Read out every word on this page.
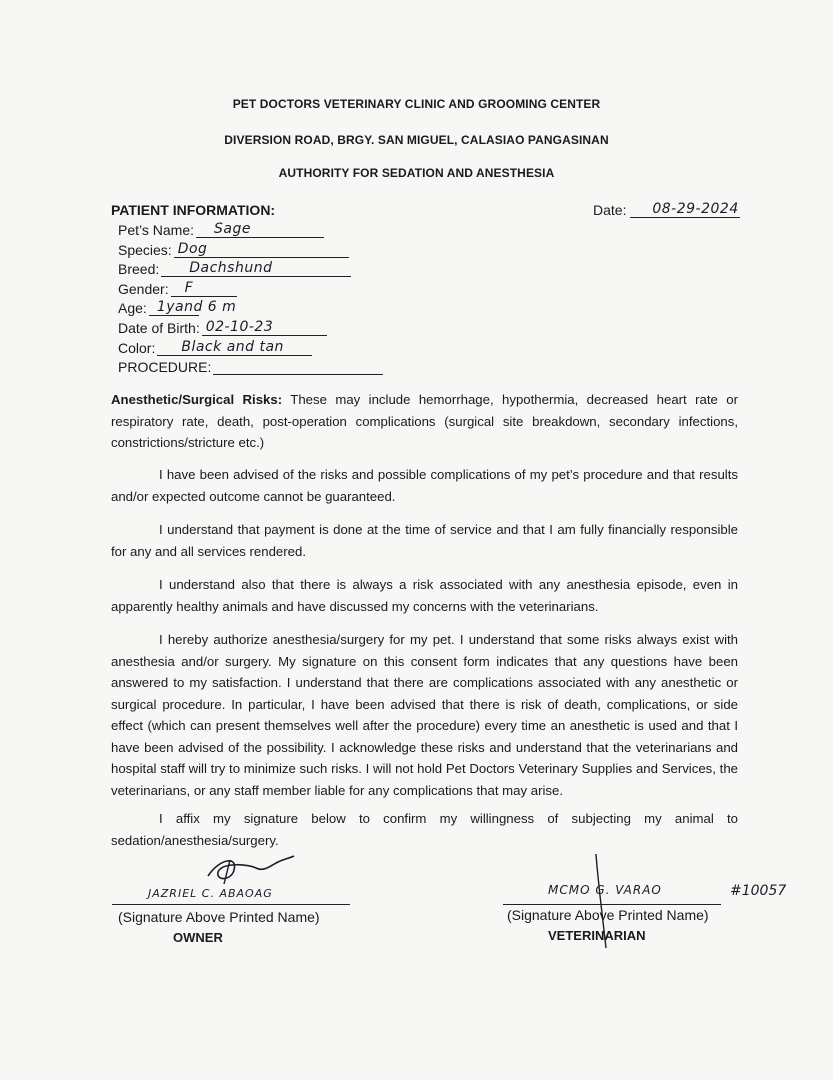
PET DOCTORS VETERINARY CLINIC AND GROOMING CENTER
DIVERSION ROAD, BRGY. SAN MIGUEL, CALASIAO PANGASINAN
AUTHORITY FOR SEDATION AND ANESTHESIA
PATIENT INFORMATION:	Date: 08-29-2024
Pet’s Name: Sage
Species: Dog
Breed: Dachshund
Gender: F
Age: 1yand 6 m
Date of Birth: 02-10-23
Color: Black and tan
PROCEDURE:
Anesthetic/Surgical Risks: These may include hemorrhage, hypothermia, decreased heart rate or respiratory rate, death, post-operation complications (surgical site breakdown, secondary infections, constrictions/stricture etc.)
I have been advised of the risks and possible complications of my pet’s procedure and that results and/or expected outcome cannot be guaranteed.
I understand that payment is done at the time of service and that I am fully financially responsible for any and all services rendered.
I understand also that there is always a risk associated with any anesthesia episode, even in apparently healthy animals and have discussed my concerns with the veterinarians.
I hereby authorize anesthesia/surgery for my pet. I understand that some risks always exist with anesthesia and/or surgery. My signature on this consent form indicates that any questions have been answered to my satisfaction. I understand that there are complications associated with any anesthetic or surgical procedure. In particular, I have been advised that there is risk of death, complications, or side effect (which can present themselves well after the procedure) every time an anesthetic is used and that I have been advised of the possibility. I acknowledge these risks and understand that the veterinarians and hospital staff will try to minimize such risks. I will not hold Pet Doctors Veterinary Supplies and Services, the veterinarians, or any staff member liable for any complications that may arise.
I affix my signature below to confirm my willingness of subjecting my animal to sedation/anesthesia/surgery.
JAZRIEL C. ABAOAG
(Signature Above Printed Name)
OWNER
MCMO G. VARAO	#10057
(Signature Above Printed Name)
VETERINARIAN
